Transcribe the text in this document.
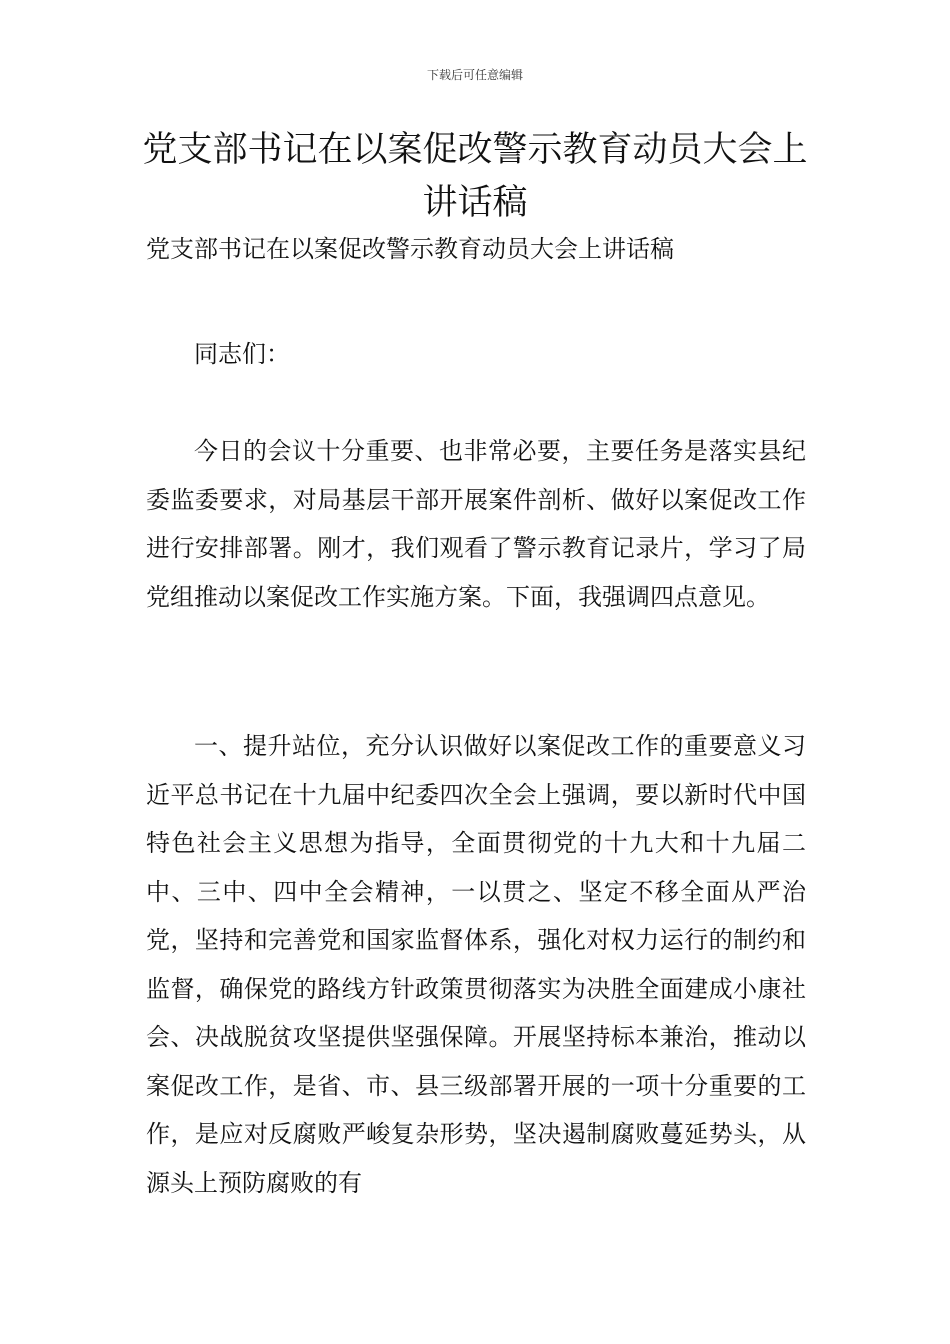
下载后可任意编辑
党支部书记在以案促改警示教育动员大会上讲话稿

党支部书记在以案促改警示教育动员大会上讲话稿

同志们：

今日的会议十分重要、也非常必要，主要任务是落实县纪委监委要求，对局基层干部开展案件剖析、做好以案促改工作进行安排部署。刚才，我们观看了警示教育记录片，学习了局党组推动以案促改工作实施方案。下面，我强调四点意见。

一、提升站位，充分认识做好以案促改工作的重要意义习近平总书记在十九届中纪委四次全会上强调，要以新时代中国特色社会主义思想为指导，全面贯彻党的十九大和十九届二中、三中、四中全会精神，一以贯之、坚定不移全面从严治党，坚持和完善党和国家监督体系，强化对权力运行的制约和监督，确保党的路线方针政策贯彻落实为决胜全面建成小康社会、决战脱贫攻坚提供坚强保障。开展坚持标本兼治，推动以案促改工作，是省、市、县三级部署开展的一项十分重要的工作，是应对反腐败严峻复杂形势，坚决遏制腐败蔓延势头，从源头上预防腐败的有
